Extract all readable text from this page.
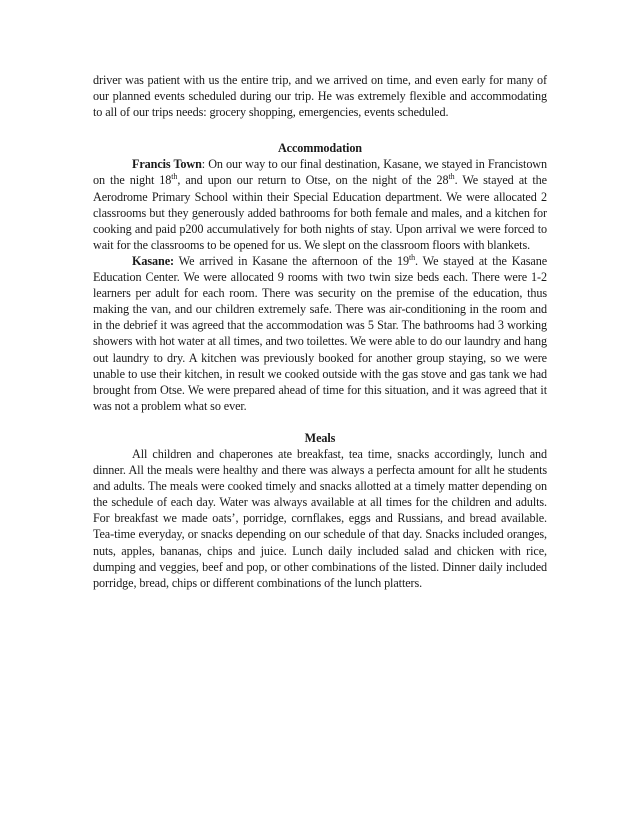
driver was patient with us the entire trip, and we arrived on time, and even early for many of our planned events scheduled during our trip. He was extremely flexible and accommodating to all of our trips needs: grocery shopping, emergencies, events scheduled.

Accommodation

Francis Town: On our way to our final destination, Kasane, we stayed in Francistown on the night 18th, and upon our return to Otse, on the night of the 28th. We stayed at the Aerodrome Primary School within their Special Education department. We were allocated 2 classrooms but they generously added bathrooms for both female and males, and a kitchen for cooking and paid p200 accumulatively for both nights of stay. Upon arrival we were forced to wait for the classrooms to be opened for us. We slept on the classroom floors with blankets.

Kasane: We arrived in Kasane the afternoon of the 19th. We stayed at the Kasane Education Center. We were allocated 9 rooms with two twin size beds each. There were 1-2 learners per adult for each room. There was security on the premise of the education, thus making the van, and our children extremely safe. There was air-conditioning in the room and in the debrief it was agreed that the accommodation was 5 Star. The bathrooms had 3 working showers with hot water at all times, and two toilettes. We were able to do our laundry and hang out laundry to dry. A kitchen was previously booked for another group staying, so we were unable to use their kitchen, in result we cooked outside with the gas stove and gas tank we had brought from Otse. We were prepared ahead of time for this situation, and it was agreed that it was not a problem what so ever.

Meals

All children and chaperones ate breakfast, tea time, snacks accordingly, lunch and dinner. All the meals were healthy and there was always a perfecta amount for allt he students and adults. The meals were cooked timely and snacks allotted at a timely matter depending on the schedule of each day. Water was always available at all times for the children and adults. For breakfast we made oats’, porridge, cornflakes, eggs and Russians, and bread available. Tea-time everyday, or snacks depending on our schedule of that day. Snacks included oranges, nuts, apples, bananas, chips and juice. Lunch daily included salad and chicken with rice, dumping and veggies, beef and pop, or other combinations of the listed. Dinner daily included porridge, bread, chips or different combinations of the lunch platters.
